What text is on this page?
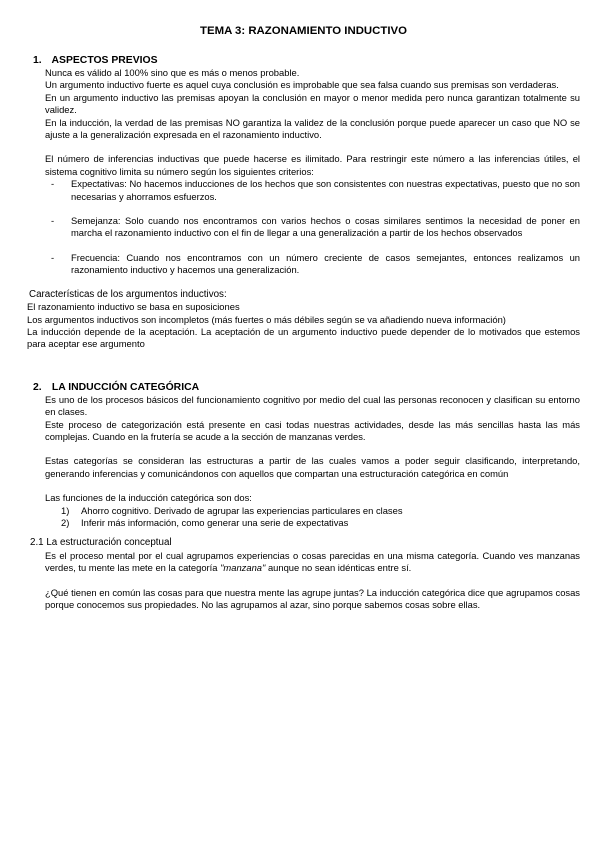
TEMA 3: RAZONAMIENTO INDUCTIVO
1. ASPECTOS PREVIOS

Nunca es válido al 100% sino que es más o menos probable.

Un argumento inductivo fuerte es aquel cuya conclusión es improbable que sea falsa cuando sus premisas son verdaderas.

En un argumento inductivo las premisas apoyan la conclusión en mayor o menor medida pero nunca garantizan totalmente su validez.

En la inducción, la verdad de las premisas NO garantiza la validez de la conclusión porque puede aparecer un caso que NO se ajuste a la generalización expresada en el razonamiento inductivo.

El número de inferencias inductivas que puede hacerse es ilimitado. Para restringir este número a las inferencias útiles, el sistema cognitivo limita su número según los siguientes criterios:

-	Expectativas: No hacemos inducciones de los hechos que son consistentes con nuestras expectativas, puesto que no son necesarias y ahorramos esfuerzos.
-	Semejanza: Solo cuando nos encontramos con varios hechos o cosas similares sentimos la necesidad de poner en marcha el razonamiento inductivo con el fin de llegar a una generalización a partir de los hechos observados
-	Frecuencia: Cuando nos encontramos con un número creciente de casos semejantes, entonces realizamos un razonamiento inductivo y hacemos una generalización.
Características de los argumentos inductivos:
El razonamiento inductivo se basa en suposiciones
Los argumentos inductivos son incompletos (más fuertes o más débiles según se va añadiendo nueva información)
La inducción depende de la aceptación. La aceptación de un argumento inductivo puede depender de lo motivados que estemos para aceptar ese argumento
2. LA INDUCCIÓN CATEGÓRICA

Es uno de los procesos básicos del funcionamiento cognitivo por medio del cual las personas reconocen y clasifican su entorno en clases.

Este proceso de categorización está presente en casi todas nuestras actividades, desde las más sencillas hasta las más complejas. Cuando en la frutería se acude a la sección de manzanas verdes.

Estas categorías se consideran las estructuras a partir de las cuales vamos a poder seguir clasificando, interpretando, generando inferencias y comunicándonos con aquellos que compartan una estructuración categórica en común

Las funciones de la inducción categórica son dos:

1)	Ahorro cognitivo. Derivado de agrupar las experiencias particulares en clases
2)	Inferir más información, como generar una serie de expectativas
2.1 La estructuración conceptual

Es el proceso mental por el cual agrupamos experiencias o cosas parecidas en una misma categoría. Cuando ves manzanas verdes, tu mente las mete en la categoría "manzana" aunque no sean idénticas entre sí.

¿Qué tienen en común las cosas para que nuestra mente las agrupe juntas? La inducción categórica dice que agrupamos cosas porque conocemos sus propiedades. No las agrupamos al azar, sino porque sabemos cosas sobre ellas.
